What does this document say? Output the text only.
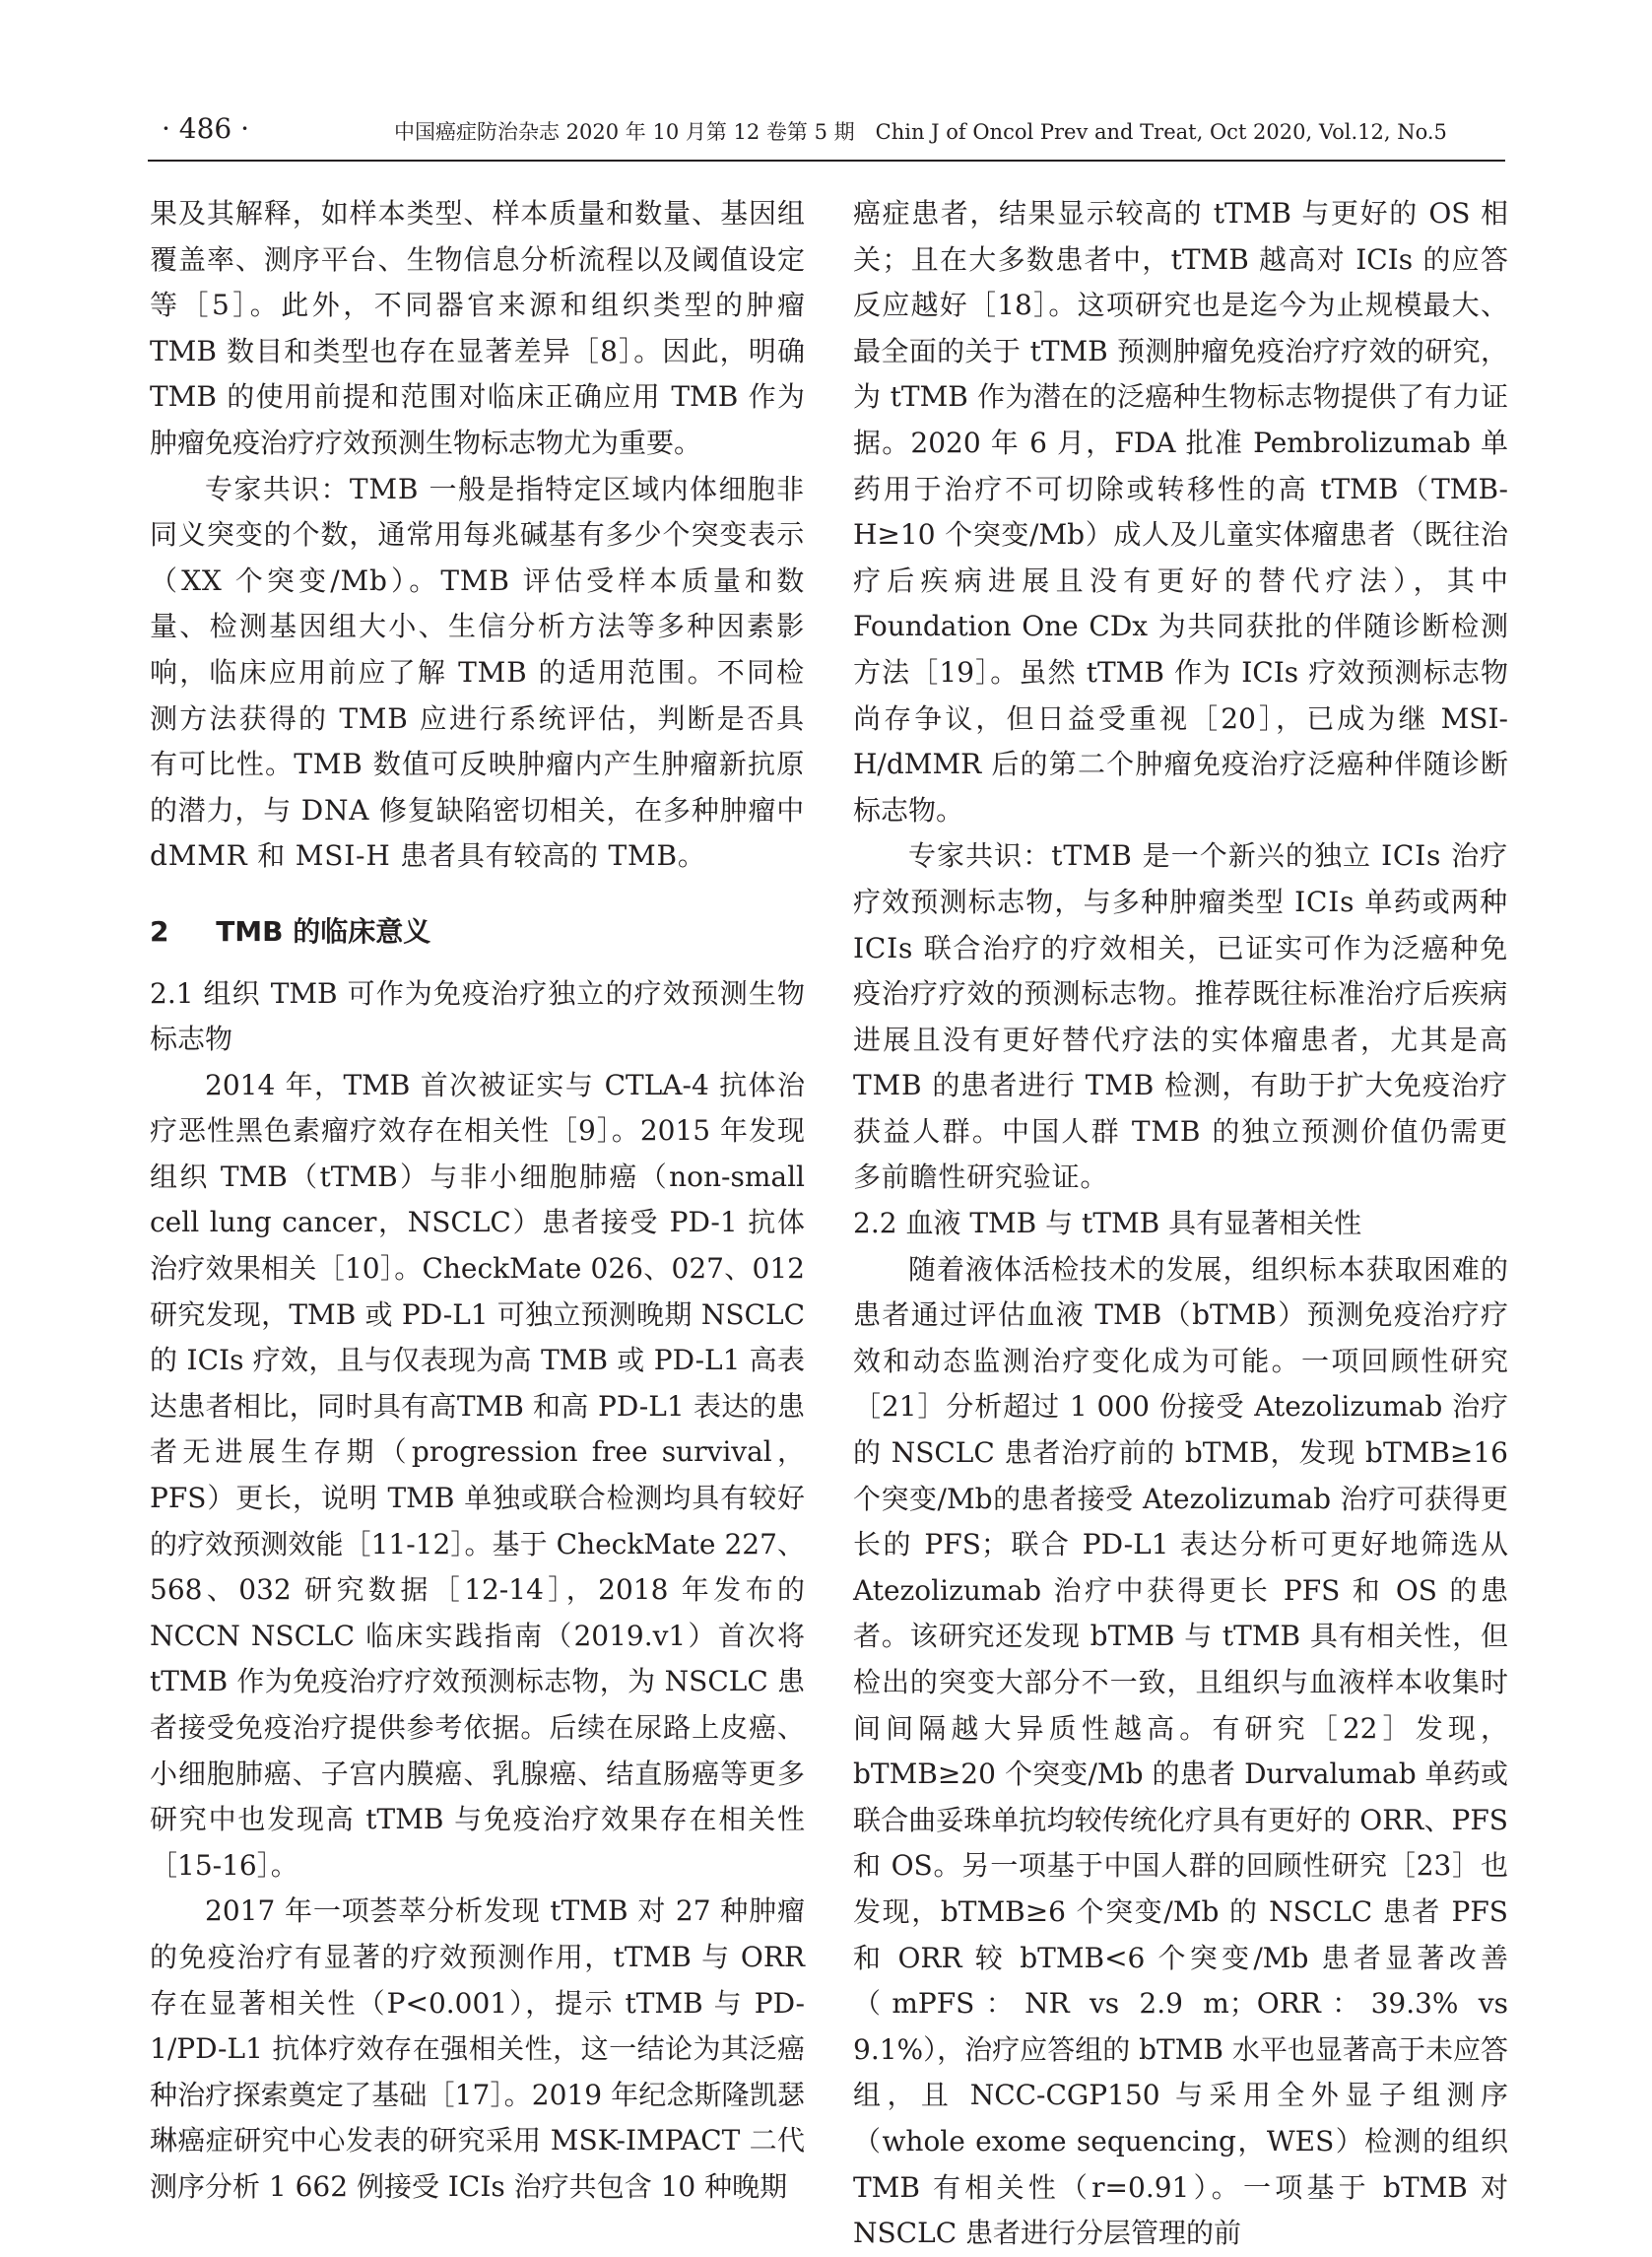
· 486 ·	中国癌症防治杂志 2020 年 10 月第 12 卷第 5 期　Chin J of Oncol Prev and Treat, Oct 2020, Vol.12, No.5

果及其解释，如样本类型、样本质量和数量、基因组覆盖率、测序平台、生物信息分析流程以及阈值设定等［5］。此外，不同器官来源和组织类型的肿瘤 TMB 数目和类型也存在显著差异［8］。因此，明确 TMB 的使用前提和范围对临床正确应用 TMB 作为肿瘤免疫治疗疗效预测生物标志物尤为重要。

专家共识：TMB 一般是指特定区域内体细胞非同义突变的个数，通常用每兆碱基有多少个突变表示（XX 个突变/Mb）。TMB 评估受样本质量和数量、检测基因组大小、生信分析方法等多种因素影响，临床应用前应了解 TMB 的适用范围。不同检测方法获得的 TMB 应进行系统评估，判断是否具有可比性。TMB 数值可反映肿瘤内产生肿瘤新抗原的潜力，与 DNA 修复缺陷密切相关，在多种肿瘤中dMMR 和 MSI-H 患者具有较高的 TMB。

2 TMB 的临床意义

2.1 组织 TMB 可作为免疫治疗独立的疗效预测生物标志物

2014 年，TMB 首次被证实与 CTLA-4 抗体治疗恶性黑色素瘤疗效存在相关性［9］。2015 年发现组织 TMB（tTMB）与非小细胞肺癌（non-small cell lung cancer，NSCLC）患者接受 PD-1 抗体治疗效果相关［10］。CheckMate 026、027、012 研究发现，TMB 或 PD-L1 可独立预测晚期 NSCLC 的 ICIs 疗效，且与仅表现为高 TMB 或 PD-L1 高表达患者相比，同时具有高TMB 和高 PD-L1 表达的患者无进展生存期（progression free survival，PFS）更长，说明 TMB 单独或联合检测均具有较好的疗效预测效能［11-12］。基于 CheckMate 227、568、032 研究数据［12-14］，2018 年发布的 NCCN NSCLC 临床实践指南（2019.v1）首次将 tTMB 作为免疫治疗疗效预测标志物，为 NSCLC 患者接受免疫治疗提供参考依据。后续在尿路上皮癌、小细胞肺癌、子宫内膜癌、乳腺癌、结直肠癌等更多研究中也发现高 tTMB 与免疫治疗效果存在相关性［15-16］。

2017 年一项荟萃分析发现 tTMB 对 27 种肿瘤的免疫治疗有显著的疗效预测作用，tTMB 与 ORR 存在显著相关性（P<0.001），提示 tTMB 与 PD-1/PD-L1 抗体疗效存在强相关性，这一结论为其泛癌种治疗探索奠定了基础［17］。2019 年纪念斯隆凯瑟琳癌症研究中心发表的研究采用 MSK-IMPACT 二代测序分析 1 662 例接受 ICIs 治疗共包含 10 种晚期

癌症患者，结果显示较高的 tTMB 与更好的 OS 相关；且在大多数患者中，tTMB 越高对 ICIs 的应答反应越好［18］。这项研究也是迄今为止规模最大、最全面的关于 tTMB 预测肿瘤免疫治疗疗效的研究，为 tTMB 作为潜在的泛癌种生物标志物提供了有力证据。2020 年 6 月，FDA 批准 Pembrolizumab 单药用于治疗不可切除或转移性的高 tTMB（TMB-H≥10 个突变/Mb）成人及儿童实体瘤患者（既往治疗后疾病进展且没有更好的替代疗法），其中 Foundation One CDx 为共同获批的伴随诊断检测方法［19］。虽然 tTMB 作为 ICIs 疗效预测标志物尚存争议，但日益受重视［20］，已成为继 MSI-H/dMMR 后的第二个肿瘤免疫治疗泛癌种伴随诊断标志物。

专家共识：tTMB 是一个新兴的独立 ICIs 治疗疗效预测标志物，与多种肿瘤类型 ICIs 单药或两种 ICIs 联合治疗的疗效相关，已证实可作为泛癌种免疫治疗疗效的预测标志物。推荐既往标准治疗后疾病进展且没有更好替代疗法的实体瘤患者，尤其是高 TMB 的患者进行 TMB 检测，有助于扩大免疫治疗获益人群。中国人群 TMB 的独立预测价值仍需更多前瞻性研究验证。

2.2 血液 TMB 与 tTMB 具有显著相关性

随着液体活检技术的发展，组织标本获取困难的患者通过评估血液 TMB（bTMB）预测免疫治疗疗效和动态监测治疗变化成为可能。一项回顾性研究［21］分析超过 1 000 份接受 Atezolizumab 治疗的 NSCLC 患者治疗前的 bTMB，发现 bTMB≥16 个突变/Mb的患者接受 Atezolizumab 治疗可获得更长的 PFS；联合 PD-L1 表达分析可更好地筛选从 Atezolizumab 治疗中获得更长 PFS 和 OS 的患者。该研究还发现 bTMB 与 tTMB 具有相关性，但检出的突变大部分不一致，且组织与血液样本收集时间间隔越大异质性越高。有研究［22］发现，bTMB≥20 个突变/Mb 的患者 Durvalumab 单药或联合曲妥珠单抗均较传统化疗具有更好的 ORR、PFS 和 OS。另一项基于中国人群的回顾性研究［23］也发现，bTMB≥6 个突变/Mb 的 NSCLC 患者 PFS 和 ORR 较 bTMB<6 个突变/Mb 患者显著改善（mPFS：NR vs 2.9 m；ORR：39.3% vs 9.1%），治疗应答组的 bTMB 水平也显著高于未应答组，且 NCC-CGP150 与采用全外显子组测序（whole exome sequencing，WES）检测的组织 TMB 有相关性（r=0.91）。一项基于 bTMB 对 NSCLC 患者进行分层管理的前
